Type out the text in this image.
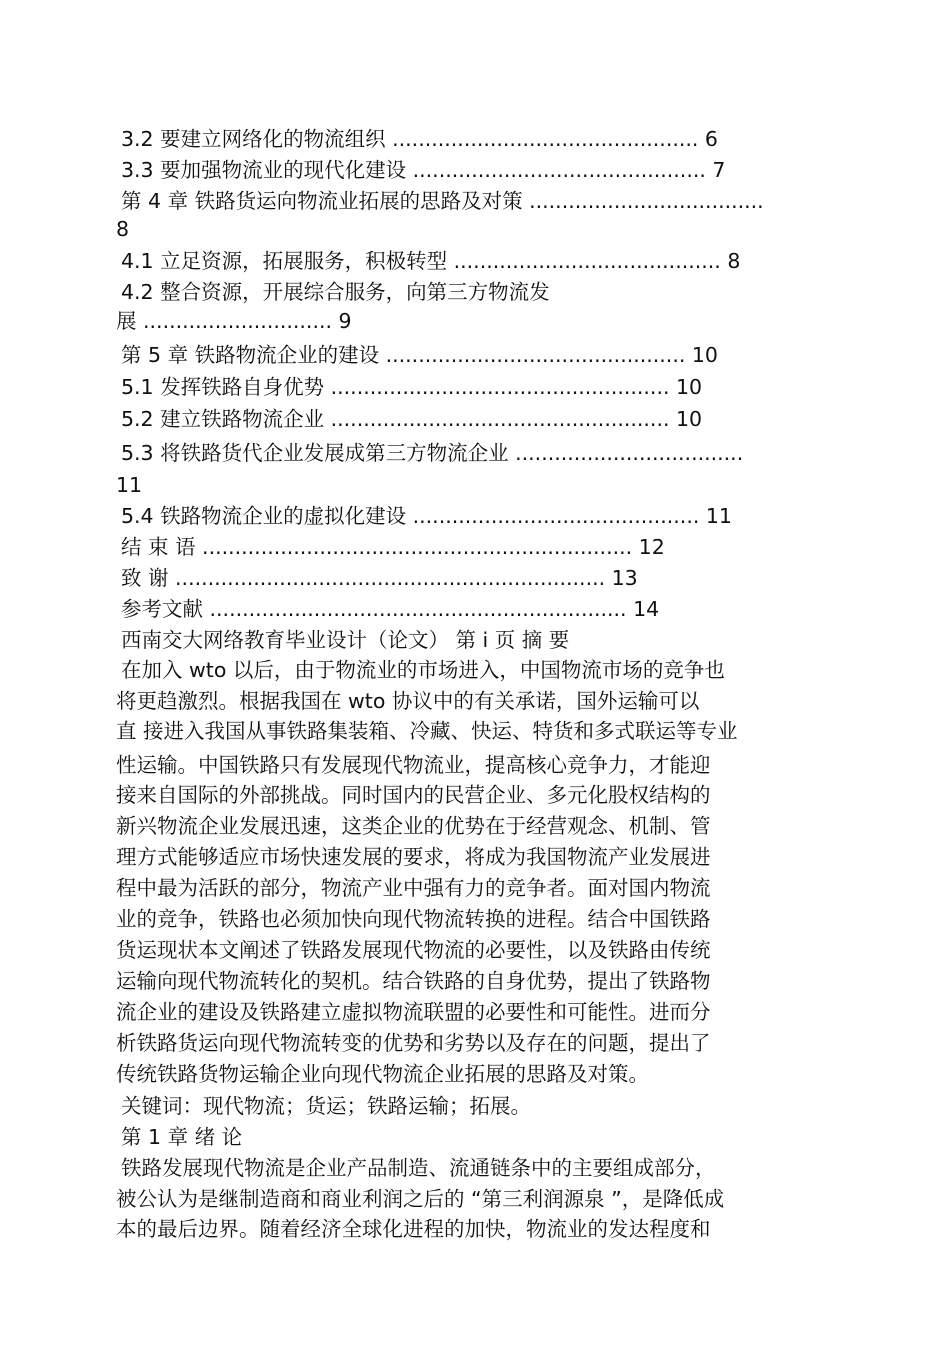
3.2 要建立网络化的物流组织 ............................................... 6
3.3 要加强物流业的现代化建设 ............................................. 7
第 4 章 铁路货运向物流业拓展的思路及对策 ....................................
8
4.1 立足资源，拓展服务，积极转型 ......................................... 8
4.2 整合资源，开展综合服务，向第三方物流发
展 ............................. 9
第 5 章 铁路物流企业的建设 .............................................. 10
5.1 发挥铁路自身优势 .................................................... 10
5.2 建立铁路物流企业 .................................................... 10
5.3 将铁路货代企业发展成第三方物流企业 ...................................
11
5.4 铁路物流企业的虚拟化建设 ............................................ 11
结 束 语 .................................................................. 12
致 谢 .................................................................. 13
参考文献 ................................................................ 14
西南交大网络教育毕业设计（论文） 第 i 页 摘 要
在加入 wto 以后，由于物流业的市场进入，中国物流市场的竞争也
将更趋激烈。根据我国在 wto 协议中的有关承诺，国外运输可以
直 接进入我国从事铁路集装箱、冷藏、快运、特货和多式联运等专业
性运输。中国铁路只有发展现代物流业，提高核心竞争力，才能迎
接来自国际的外部挑战。同时国内的民营企业、多元化股权结构的
新兴物流企业发展迅速，这类企业的优势在于经营观念、机制、管
理方式能够适应市场快速发展的要求，将成为我国物流产业发展进
程中最为活跃的部分，物流产业中强有力的竞争者。面对国内物流
业的竞争，铁路也必须加快向现代物流转换的进程。结合中国铁路
货运现状本文阐述了铁路发展现代物流的必要性，以及铁路由传统
运输向现代物流转化的契机。结合铁路的自身优势，提出了铁路物
流企业的建设及铁路建立虚拟物流联盟的必要性和可能性。进而分
析铁路货运向现代物流转变的优势和劣势以及存在的问题，提出了
传统铁路货物运输企业向现代物流企业拓展的思路及对策。
关键词：现代物流；货运；铁路运输；拓展。
第 1 章 绪 论
铁路发展现代物流是企业产品制造、流通链条中的主要组成部分，
被公认为是继制造商和商业利润之后的 “第三利润源泉 ”，是降低成
本的最后边界。随着经济全球化进程的加快，物流业的发达程度和
